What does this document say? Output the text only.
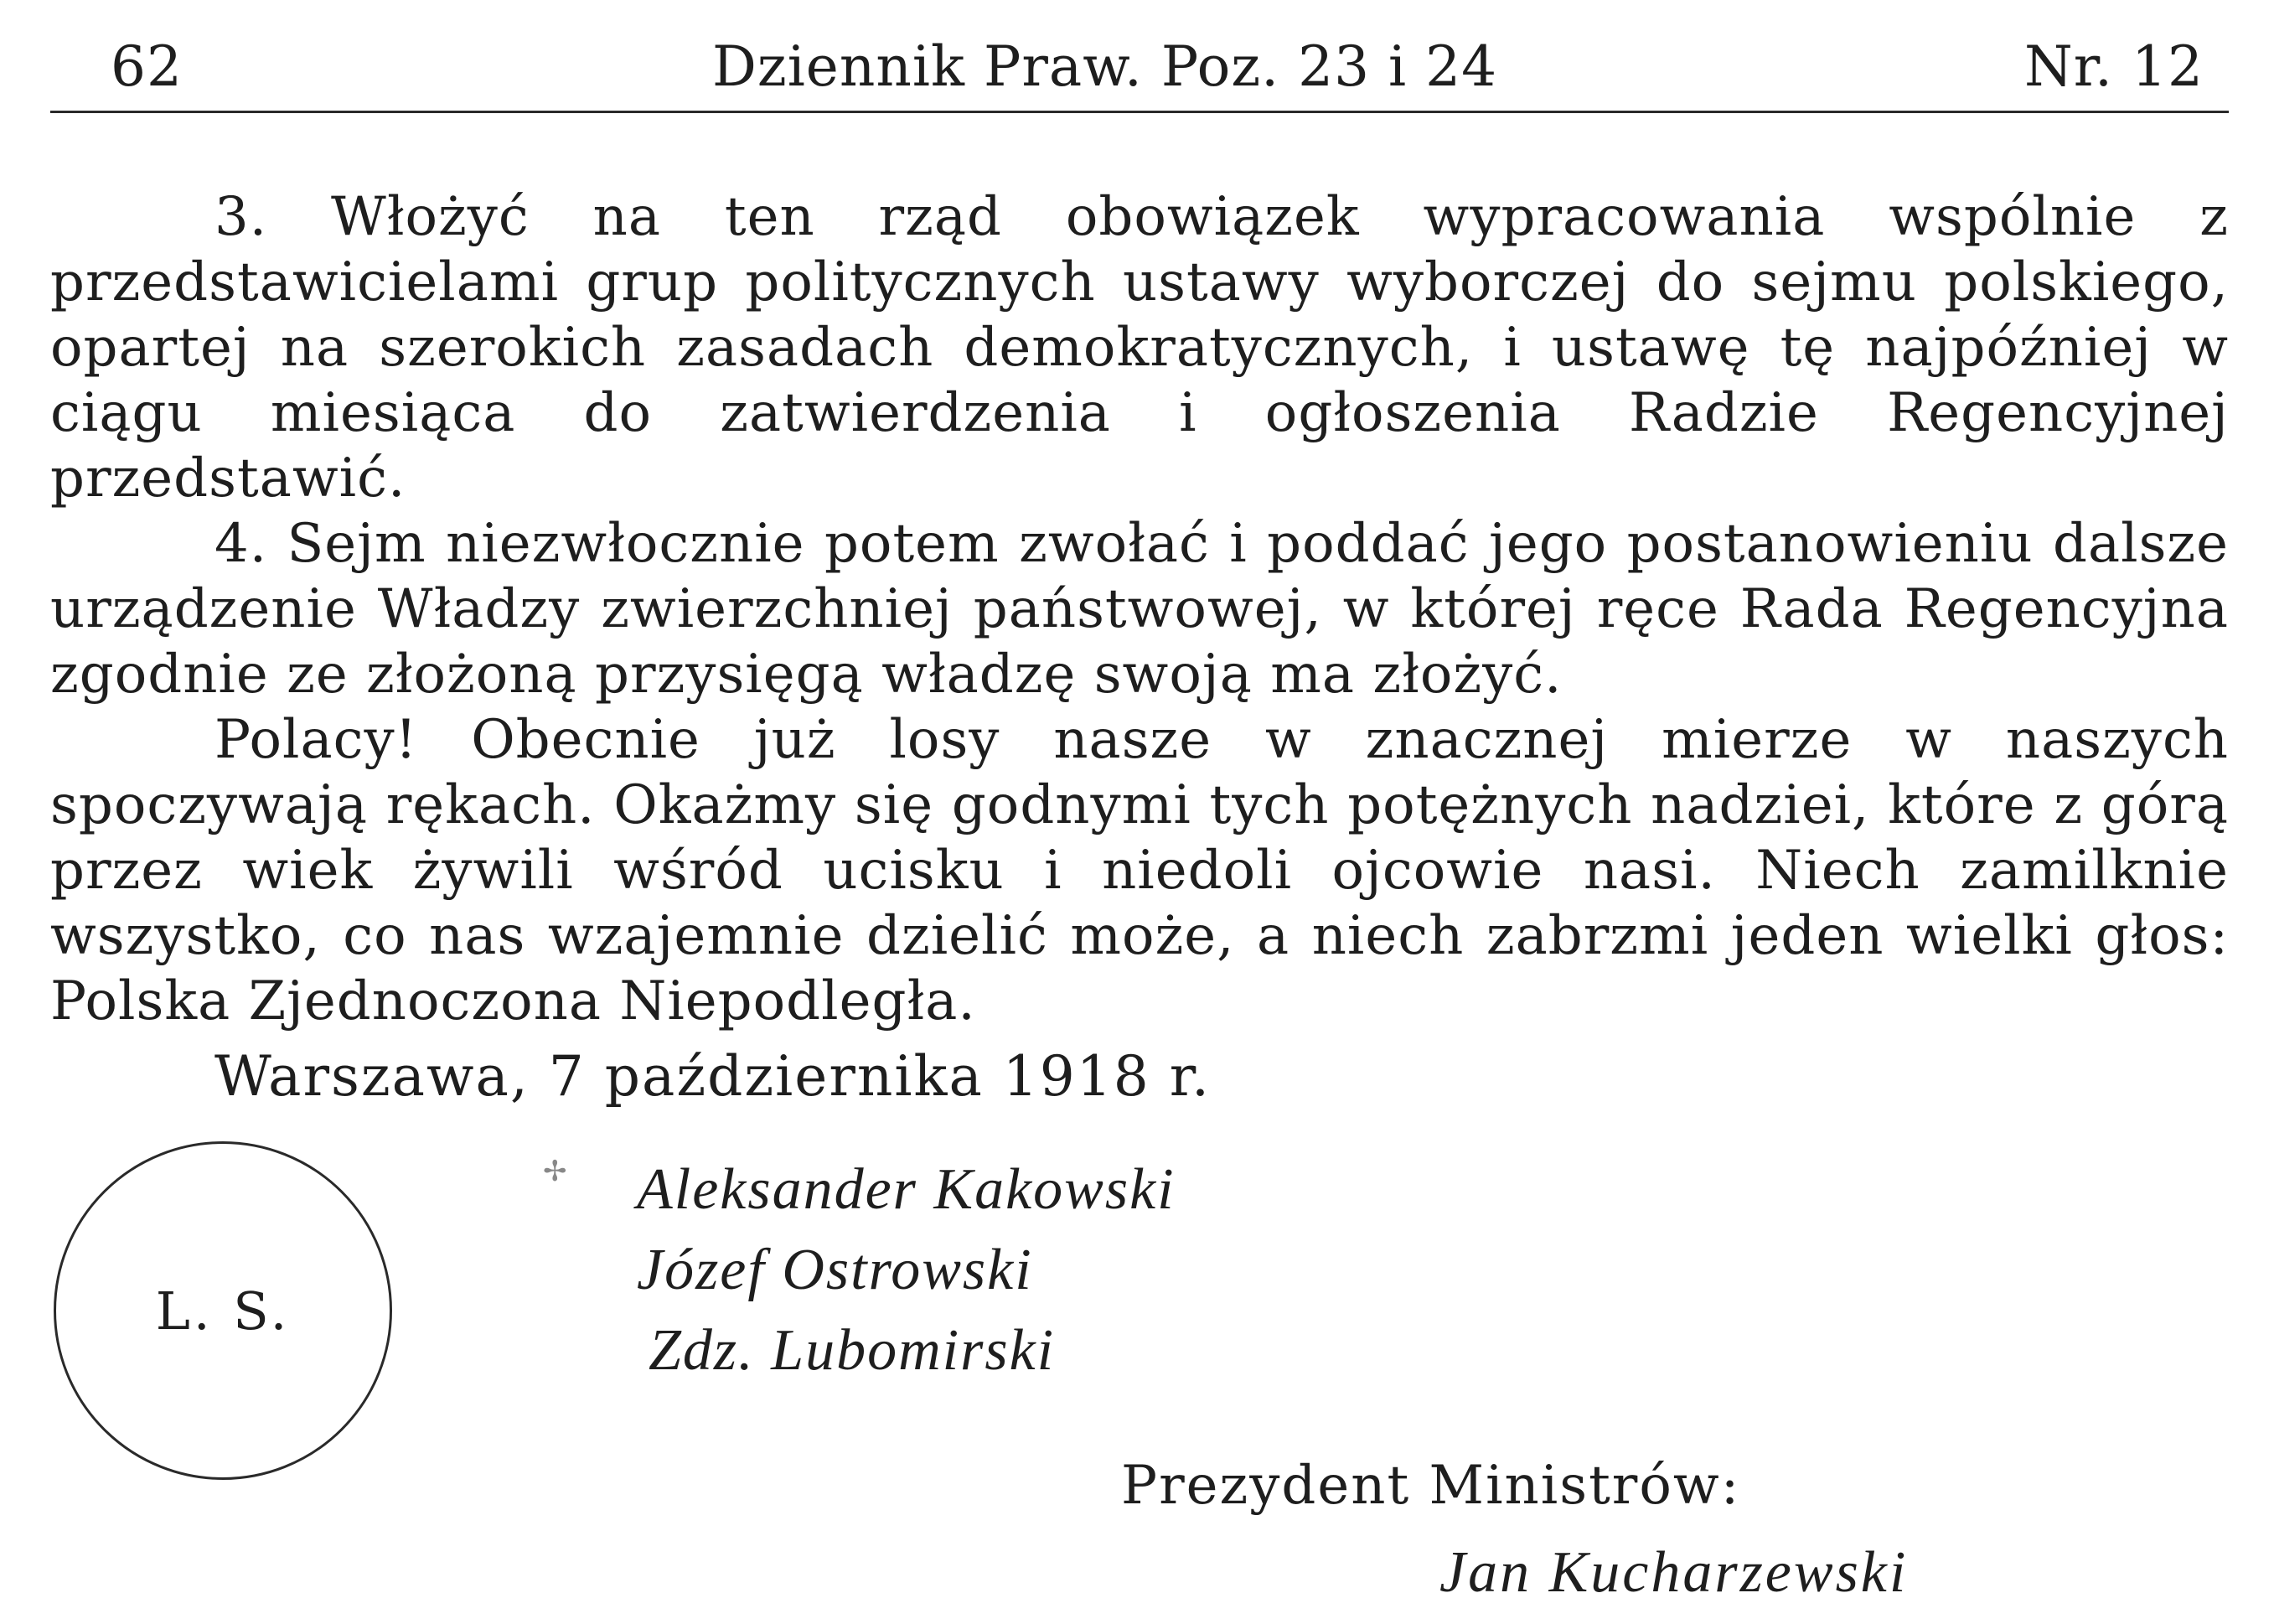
62	Dziennik Praw. Poz. 23 i 24	Nr. 12

3. Włożyć na ten rząd obowiązek wypracowania wspólnie z przedstawicielami grup politycznych ustawy wyborczej do sejmu polskiego, opartej na szerokich zasadach demokratycznych, i ustawę tę najpóźniej w ciągu miesiąca do zatwierdzenia i ogłoszenia Radzie Regencyjnej przedstawić.

4. Sejm niezwłocznie potem zwołać i poddać jego postanowieniu dalsze urządzenie Władzy zwierzchniej państwowej, w której ręce Rada Regencyjna zgodnie ze złożoną przysięgą władzę swoją ma złożyć.

Polacy! Obecnie już losy nasze w znacznej mierze w naszych spoczywają rękach. Okażmy się godnymi tych potężnych nadziei, które z górą przez wiek żywili wśród ucisku i niedoli ojcowie nasi. Niech zamilknie wszystko, co nas wzajemnie dzielić może, a niech zabrzmi jeden wielki głos: Polska Zjednoczona Niepodległa.

Warszawa, 7 października 1918 r.
L. S.
✢ Aleksander Kakowski
Józef Ostrowski
Zdz. Lubomirski
Prezydent Ministrów:
Jan Kucharzewski
